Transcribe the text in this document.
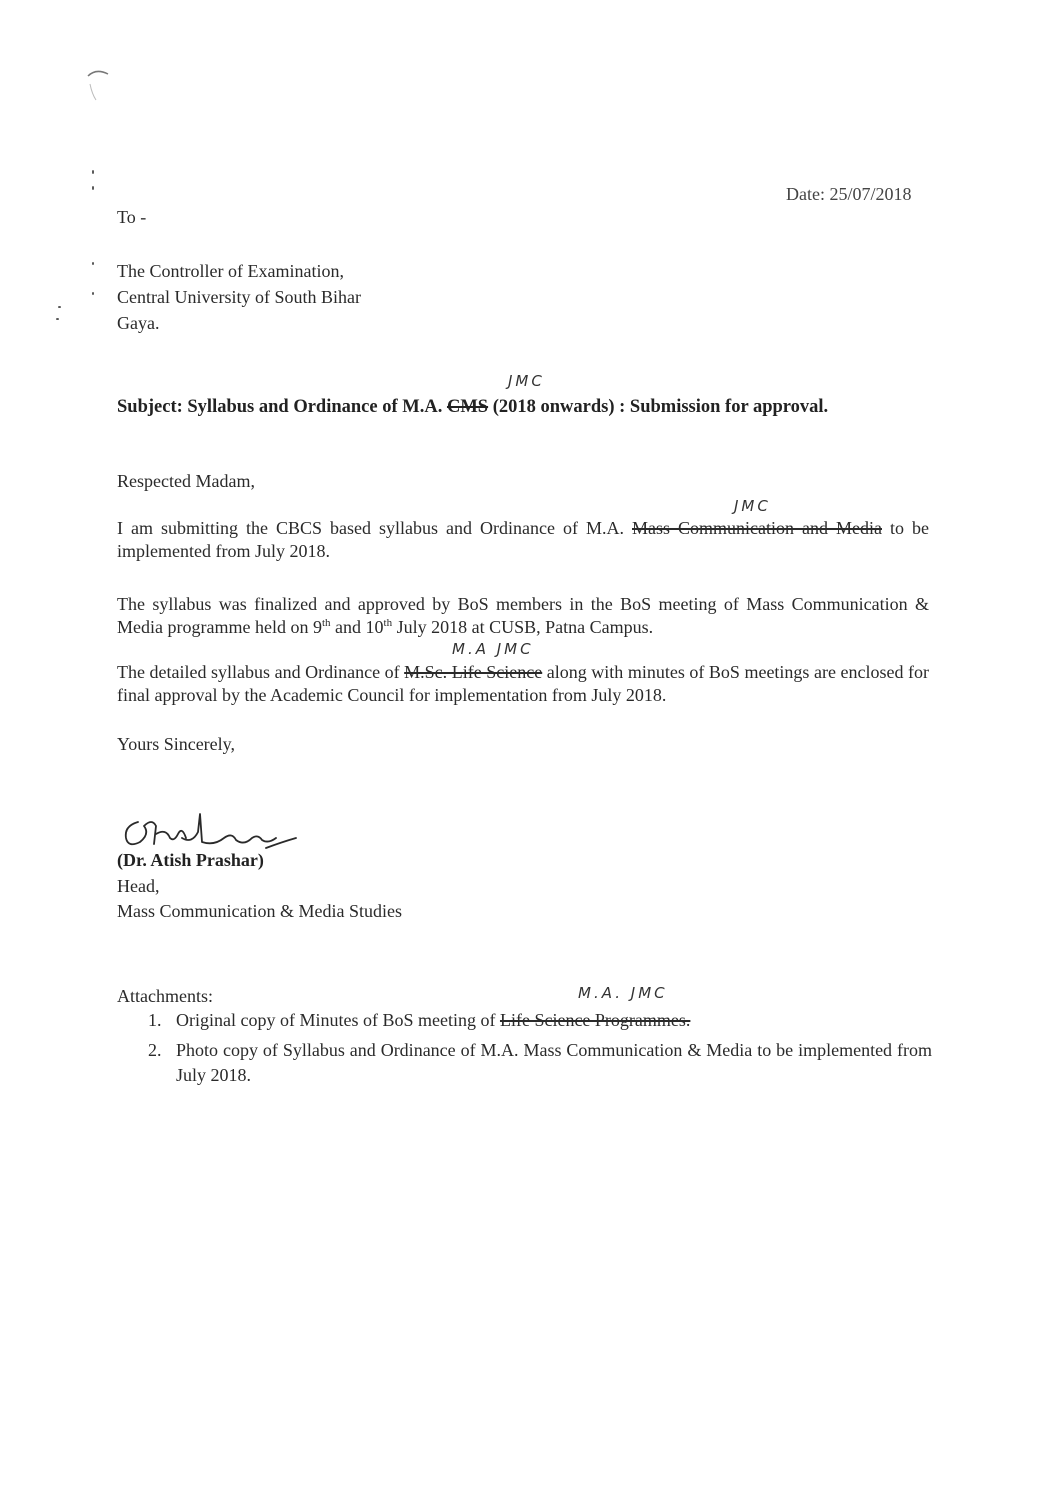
Date: 25/07/2018
To -
The Controller of Examination,
Central University of South Bihar
Gaya.
JMC
Subject: Syllabus and Ordinance of M.A. CMS (2018 onwards) : Submission for approval.
Respected Madam,
JMC
I am submitting the CBCS based syllabus and Ordinance of M.A. Mass Communication and Media to be implemented from July 2018.
The syllabus was finalized and approved by BoS members in the BoS meeting of Mass Communication & Media programme held on 9th and 10th July 2018 at CUSB, Patna Campus.
M.A JMC
The detailed syllabus and Ordinance of M.Sc. Life Science along with minutes of BoS meetings are enclosed for final approval by the Academic Council for implementation from July 2018.
Yours Sincerely,
(Dr. Atish Prashar)
Head,
Mass Communication & Media Studies
Attachments:	M.A. JMC
1. Original copy of Minutes of BoS meeting of Life Science Programmes.
2. Photo copy of Syllabus and Ordinance of M.A. Mass Communication & Media to be implemented from July 2018.
